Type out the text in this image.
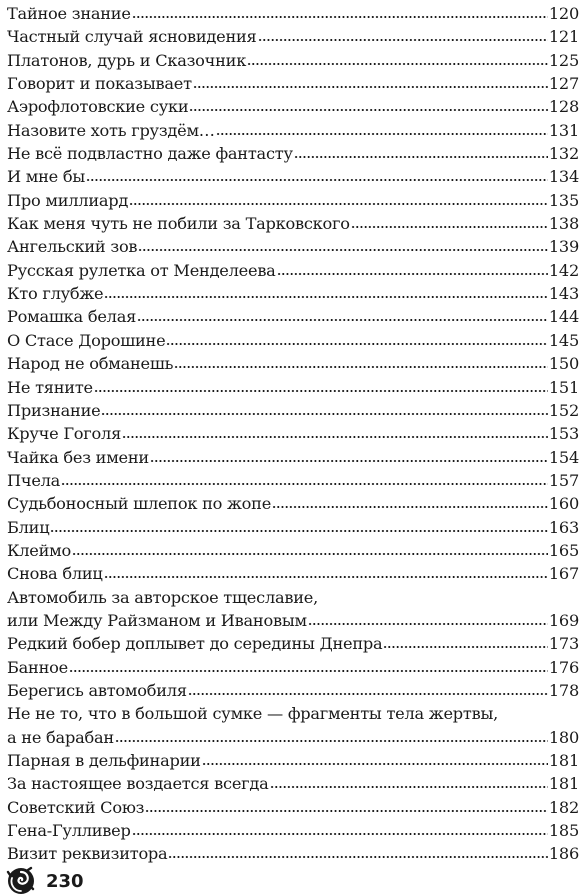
Тайное знание	120
Частный случай ясновидения	121
Платонов, дурь и Сказочник	125
Говорит и показывает	127
Аэрофлотовские суки	128
Назовите хоть груздём…	131
Не всё подвластно даже фантасту	132
И мне бы	134
Про миллиард	135
Как меня чуть не побили за Тарковского	138
Ангельский зов	139
Русская рулетка от Менделеева	142
Кто глубже	143
Ромашка белая	144
О Стасе Дорошине	145
Народ не обманешь	150
Не тяните	151
Признание	152
Круче Гоголя	153
Чайка без имени	154
Пчела	157
Судьбоносный шлепок по жопе	160
Блиц	163
Клеймо	165
Снова блиц	167
Автомобиль за авторское тщеславие,
или Между Райзманом и Ивановым	169
Редкий бобер доплывет до середины Днепра	173
Банное	176
Берегись автомобиля	178
Не не то, что в большой сумке — фрагменты тела жертвы,
а не барабан	180
Парная в дельфинарии	181
За настоящее воздается всегда	181
Советский Союз	182
Гена-Гулливер	185
Визит реквизитора	186
230
